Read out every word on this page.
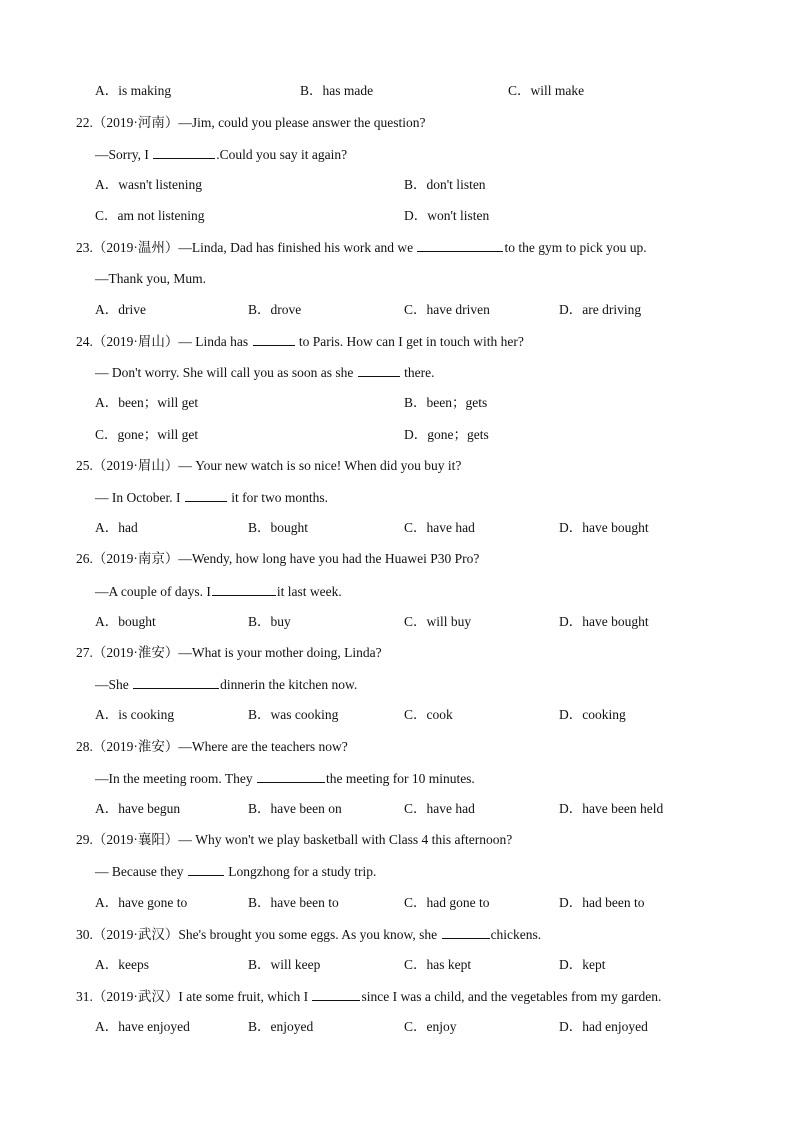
A．is making	B．has made	C．will make
22.（2019·河南）—Jim, could you please answer the question?
—Sorry, I	.Could you say it again?
A．wasn't listening	B．don't listen
C．am not listening	D．won't listen
23.（2019·温州）—Linda, Dad has finished his work and we	to the gym to pick you up.
—Thank you, Mum.
A．drive	B．drove	C．have driven	D．are driving
24.（2019·眉山）— Linda has	to Paris. How can I get in touch with her?
— Don't worry. She will call you as soon as she	there.
A．been；will get	B．been；gets
C．gone；will get	D．gone；gets
25.（2019·眉山）— Your new watch is so nice! When did you buy it?
— In October. I	it for two months.
A．had	B．bought	C．have had	D．have bought
26.（2019·南京）—Wendy, how long have you had the Huawei P30 Pro?
—A couple of days. I	it last week.
A．bought	B．buy	C．will buy	D．have bought
27.（2019·淮安）—What is your mother doing, Linda?
—She	dinnerin the kitchen now.
A．is cooking	B．was cooking	C．cook	D．cooking
28.（2019·淮安）—Where are the teachers now?
—In the meeting room. They	the meeting for 10 minutes.
A．have begun	B．have been on	C．have had	D．have been held
29.（2019·襄阳）— Why won't we play basketball with Class 4 this afternoon?
— Because they	Longzhong for a study trip.
A．have gone to	B．have been to	C．had gone to	D．had been to
30.（2019·武汉）She's brought you some eggs. As you know, she	chickens.
A．keeps	B．will keep	C．has kept	D．kept
31.（2019·武汉）I ate some fruit, which I	since I was a child, and the vegetables from my garden.
A．have enjoyed	B．enjoyed	C．enjoy	D．had enjoyed
